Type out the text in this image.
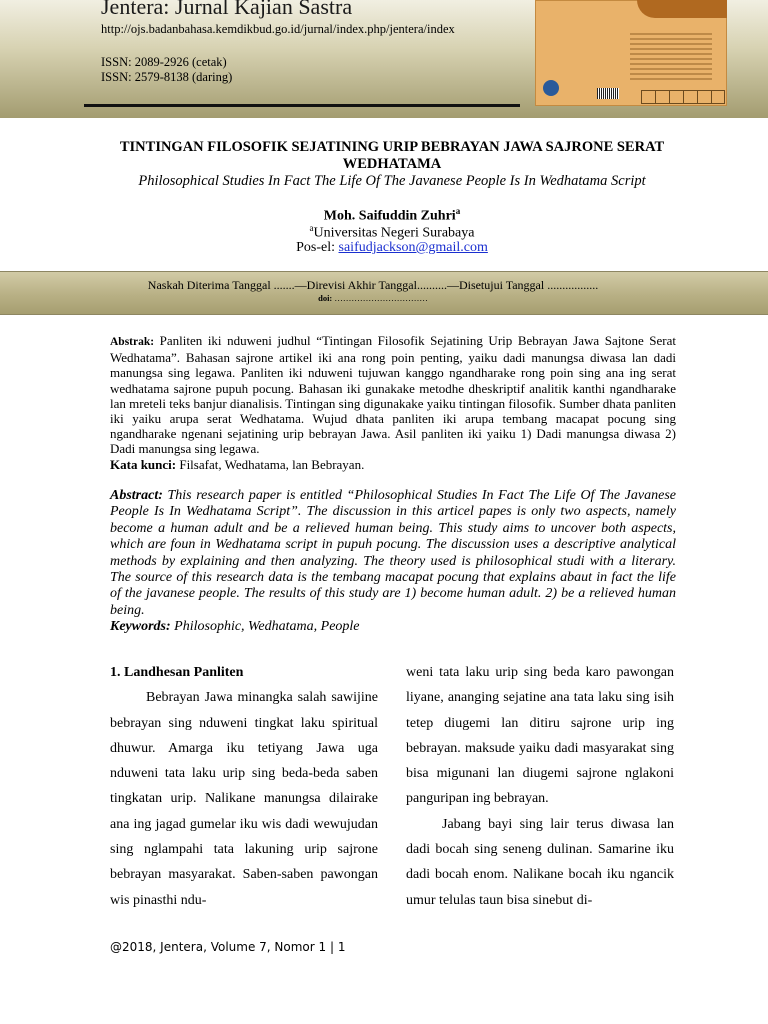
Jentera: Jurnal Kajian Sastra
http://ojs.badanbahasa.kemdikbud.go.id/jurnal/index.php/jentera/index
ISSN: 2089-2926 (cetak)
ISSN: 2579-8138 (daring)
TINTINGAN FILOSOFIK SEJATINING URIP BEBRAYAN JAWA SAJRONE SERAT WEDHATAMA
Philosophical Studies In Fact The Life Of The Javanese People Is In Wedhatama Script
Moh. Saifuddin Zuhri$^a$
$^a$Universitas Negeri Surabaya
Pos-el: saifudjackson@gmail.com
Naskah Diterima Tanggal .......—Direvisi Akhir Tanggal..........—Disetujui Tanggal .................
doi: ……………………………
Abstrak: Panliten iki nduweni judhul “Tintingan Filosofik Sejatining Urip Bebrayan Jawa Sajtone Serat Wedhatama”. Bahasan sajrone artikel iki ana rong poin penting, yaiku dadi manungsa diwasa lan dadi manungsa sing legawa. Panliten iki nduweni tujuwan kanggo ngandharake rong poin sing ana ing serat wedhatama sajrone pupuh pocung. Bahasan iki gunakake metodhe dheskriptif analitik kanthi ngandharake lan mreteli teks banjur dianalisis. Tintingan sing digunakake yaiku tintingan filosofik. Sumber dhata panliten iki yaiku arupa serat Wedhatama. Wujud dhata panliten iki arupa tembang macapat pocung sing ngandharake ngenani sejatining urip bebrayan Jawa. Asil panliten iki yaiku 1) Dadi manungsa diwasa 2) Dadi manungsa sing legawa.
Kata kunci: Filsafat, Wedhatama, lan Bebrayan.
Abstract: This research paper is entitled “Philosophical Studies In Fact The Life Of The Javanese People Is In Wedhatama Script”. The discussion in this articel papes is only two aspects, namely become a human adult and be a relieved human being. This study aims to uncover both aspects, which are foun in Wedhatama script in pupuh pocung. The discussion uses a descriptive analytical methods by explaining and then analyzing. The theory used is philosophical studi with a literary. The source of this research data is the tembang macapat pocung that explains abaut in fact the life of the javanese people. The results of this study are 1) become human adult. 2) be a relieved human being.
Keywords: Philosophic, Wedhatama, People

1. Landhesan Panliten

Bebrayan Jawa minangka salah sawijine bebrayan sing nduweni tingkat laku spiritual dhuwur. Amarga iku tetiyang Jawa uga nduweni tata laku urip sing beda-beda saben tingkatan urip. Nalikane manungsa dilairake ana ing jagad gumelar iku wis dadi wewujudan sing nglampahi tata lakuning urip sajrone bebrayan masyarakat. Saben-saben pawongan wis pinasthi ndu-

weni tata laku urip sing beda karo pawongan liyane, ananging sejatine ana tata laku sing isih tetep diugemi lan ditiru sajrone urip ing bebrayan. maksude yaiku dadi masyarakat sing bisa migunani lan diugemi sajrone nglakoni panguripan ing bebrayan.

Jabang bayi sing lair terus diwasa lan dadi bocah sing seneng dulinan. Samarine iku dadi bocah enom. Nalikane bocah iku ngancik umur telulas taun bisa sinebut di-

@2018, Jentera, Volume 7, Nomor 1 | 1
